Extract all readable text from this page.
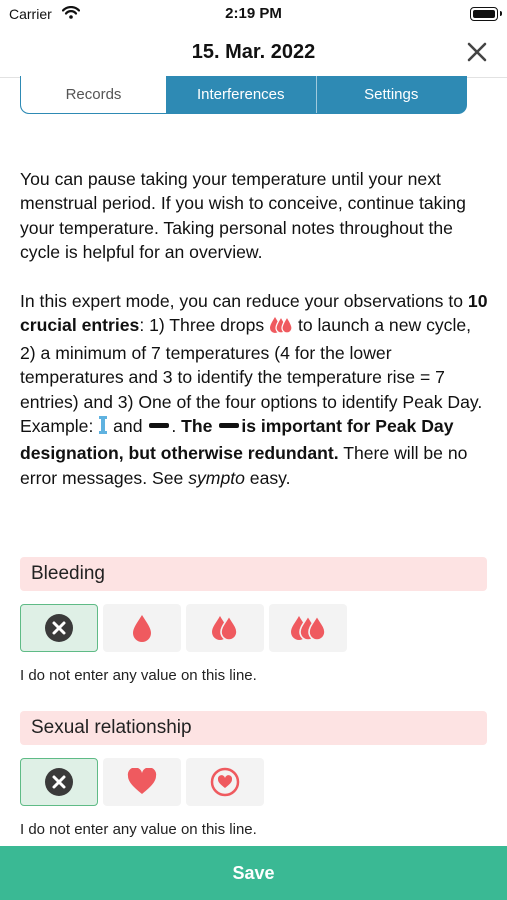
Carrier	2:19 PM
15. Mar. 2022
Records	Interferences	Settings

You can pause taking your temperature until your next menstrual period. If you wish to conceive, continue taking your temperature. Taking personal notes throughout the cycle is helpful for an overview.

In this expert mode, you can reduce your observations to 10 crucial entries: 1) Three drops  to launch a new cycle, 2) a minimum of 7 temperatures (4 for the lower temperatures and 3 to identify the temperature rise = 7 entries) and 3) One of the four options to identify Peak Day. Example:  and . The is important for Peak Day designation, but otherwise redundant. There will be no error messages. See sympto easy.

Bleeding
I do not enter any value on this line.
Sexual relationship
I do not enter any value on this line.
Save
